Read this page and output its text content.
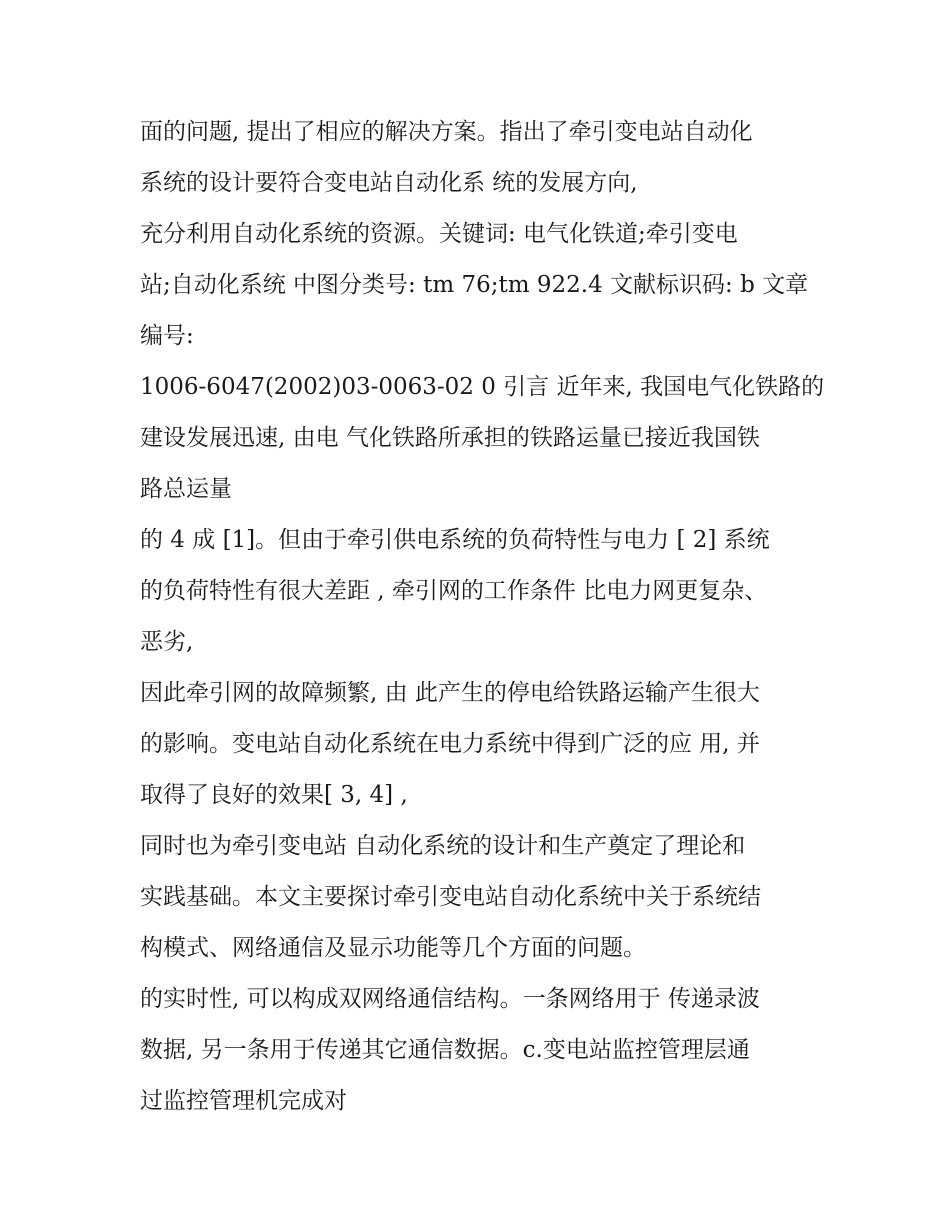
面的问题, 提出了相应的解决方案。指出了牵引变电站自动化
系统的设计要符合变电站自动化系 统的发展方向,
充分利用自动化系统的资源。关键词: 电气化铁道;牵引变电
站;自动化系统 中图分类号: tm 76;tm 922.4 文献标识码: b 文章
编号:
1006-6047(2002)03-0063-02 0 引言 近年来, 我国电气化铁路的
建设发展迅速, 由电 气化铁路所承担的铁路运量已接近我国铁
路总运量
的 4 成 [1]。但由于牵引供电系统的负荷特性与电力 [ 2] 系统
的负荷特性有很大差距 , 牵引网的工作条件 比电力网更复杂、
恶劣,
因此牵引网的故障频繁, 由 此产生的停电给铁路运输产生很大
的影响。变电站自动化系统在电力系统中得到广泛的应 用, 并
取得了良好的效果[ 3, 4] ,
同时也为牵引变电站 自动化系统的设计和生产奠定了理论和
实践基础。本文主要探讨牵引变电站自动化系统中关于系统结
构模式、网络通信及显示功能等几个方面的问题。
的实时性, 可以构成双网络通信结构。一条网络用于 传递录波
数据, 另一条用于传递其它通信数据。c.变电站监控管理层通
过监控管理机完成对
